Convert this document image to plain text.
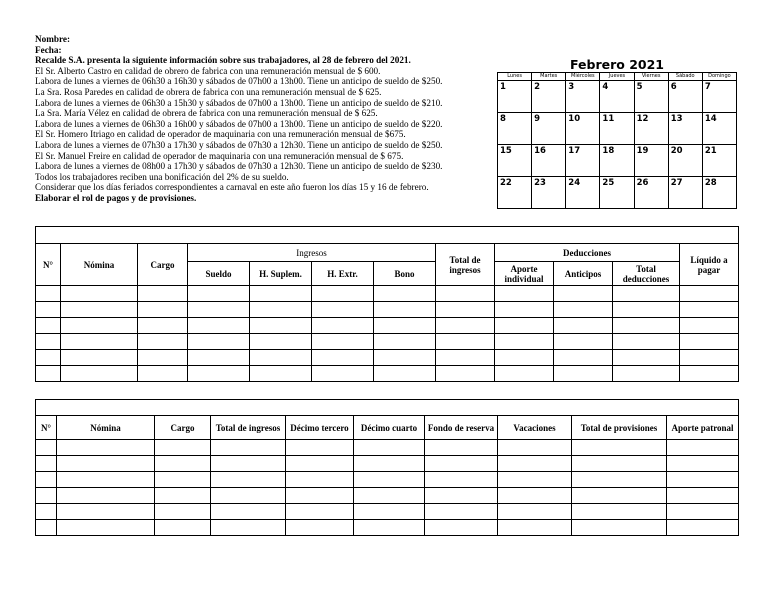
Nombre:
Fecha:
Recalde S.A. presenta la siguiente información sobre sus trabajadores, al 28 de febrero del 2021.
El Sr. Alberto Castro en calidad de obrero de fabrica con una remuneración mensual de $ 600.
Labora de lunes a viernes de 06h30 a 16h30 y sábados de 07h00 a 13h00. Tiene un anticipo de sueldo de $250.
La Sra. Rosa Paredes en calidad de obrera de fabrica con una remuneración mensual de $ 625.
Labora de lunes a viernes de 06h30 a 15h30 y sábados de 07h00 a 13h00. Tiene un anticipo de sueldo de $210.
La Sra. María Vélez en calidad de obrera de fabrica con una remuneración mensual de $ 625.
Labora de lunes a viernes de 06h30 a 16h00 y sábados de 07h00 a 13h00. Tiene un anticipo de sueldo de $220.
El Sr. Homero Itriago en calidad de operador de maquinaria con una remuneración mensual de $675.
Labora de lunes a viernes de 07h30 a 17h30 y sábados de 07h30 a 12h30. Tiene un anticipo de sueldo de $250.
El Sr. Manuel Freire en calidad de operador de maquinaria con una remuneración mensual de $ 675.
Labora de lunes a viernes de 08h00 a 17h30 y sábados de 07h30 a 12h30. Tiene un anticipo de sueldo de $230.
Todos los trabajadores reciben una bonificación del 2% de su sueldo.
Considerar que los días feriados correspondientes a carnaval en este año fueron los días 15 y 16 de febrero.
Elaborar el rol de pagos y de provisiones.
Febrero 2021
Lunes	Martes	Miércoles	Jueves	Viernes	Sábado	Domingo
1	2	3	4	5	6	7
8	9	10	11	12	13	14
15	16	17	18	19	20	21
22	23	24	25	26	27	28

N°	Nómina	Cargo	Ingresos				Total de ingresos	Deducciones			Líquido a pagar
			Sueldo	H. Suplem.	H. Extr.	Bono		Aporte individual	Anticipos	Total deducciones	

N°	Nómina	Cargo	Total de ingresos	Décimo tercero	Décimo cuarto	Fondo de reserva	Vacaciones	Total de provisiones	Aporte patronal
